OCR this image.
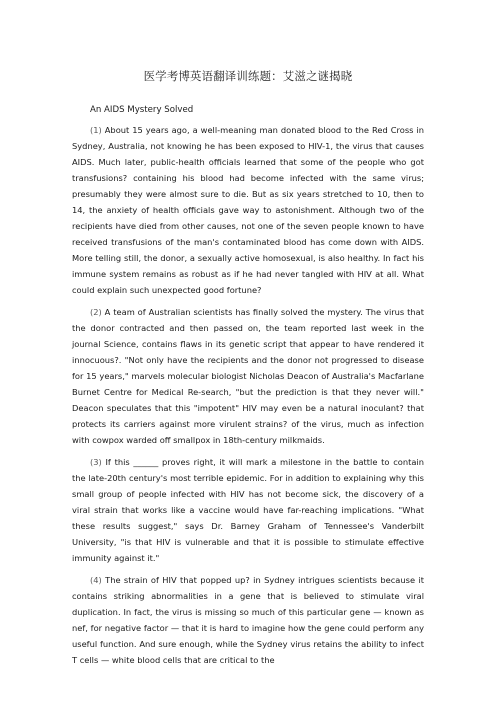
医学考博英语翻译训练题：艾滋之谜揭晓
An AIDS Mystery Solved

(1) About 15 years ago, a well-meaning man donated blood to the Red Cross in Sydney, Australia, not knowing he has been exposed to HIV-1, the virus that causes AIDS. Much later, public-health officials learned that some of the people who got transfusions? containing his blood had become infected with the same virus; presumably they were almost sure to die. But as six years stretched to 10, then to 14, the anxiety of health officials gave way to astonishment. Although two of the recipients have died from other causes, not one of the seven people known to have received transfusions of the man's contaminated blood has come down with AIDS. More telling still, the donor, a sexually active homosexual, is also healthy. In fact his immune system remains as robust as if he had never tangled with HIV at all. What could explain such unexpected good fortune?

(2) A team of Australian scientists has finally solved the mystery. The virus that the donor contracted and then passed on, the team reported last week in the journal Science, contains flaws in its genetic script that appear to have rendered it innocuous?. "Not only have the recipients and the donor not progressed to disease for 15 years," marvels molecular biologist Nicholas Deacon of Australia's Macfarlane Burnet Centre for Medical Re-search, "but the prediction is that they never will." Deacon speculates that this "impotent" HIV may even be a natural inoculant? that protects its carriers against more virulent strains? of the virus, much as infection with cowpox warded off smallpox in 18th-century milkmaids.

(3) If this ______ proves right, it will mark a milestone in the battle to contain the late-20th century's most terrible epidemic. For in addition to explaining why this small group of people infected with HIV has not become sick, the discovery of a viral strain that works like a vaccine would have far-reaching implications. "What these results suggest," says Dr. Barney Graham of Tennessee's Vanderbilt University, "is that HIV is vulnerable and that it is possible to stimulate effective immunity against it."

(4) The strain of HIV that popped up? in Sydney intrigues scientists because it contains striking abnormalities in a gene that is believed to stimulate viral duplication. In fact, the virus is missing so much of this particular gene — known as nef, for negative factor — that it is hard to imagine how the gene could perform any useful function. And sure enough, while the Sydney virus retains the ability to infect T cells — white blood cells that are critical to the
